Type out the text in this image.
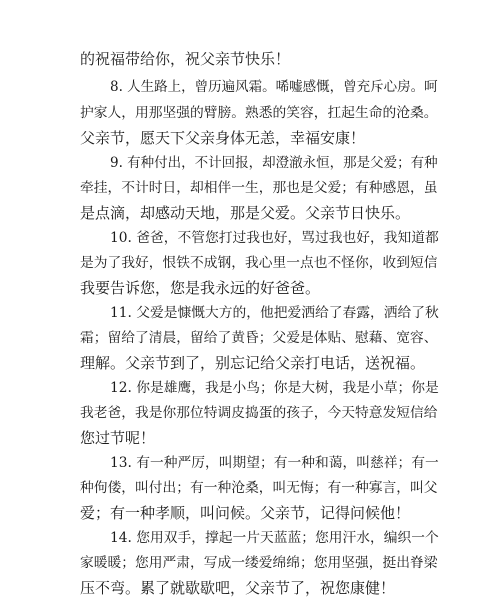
的祝福带给你，祝父亲节快乐！
8. 人生路上，曾历遍风霜。唏嘘感慨，曾充斥心房。呵
护家人，用那坚强的臂膀。熟悉的笑容，扛起生命的沧桑。
父亲节，愿天下父亲身体无恙，幸福安康！
9. 有种付出，不计回报，却澄澈永恒，那是父爱；有种
牵挂，不计时日，却相伴一生，那也是父爱；有种感恩，虽
是点滴，却感动天地，那是父爱。父亲节日快乐。
10. 爸爸，不管您打过我也好，骂过我也好，我知道都
是为了我好，恨铁不成钢，我心里一点也不怪你，收到短信
我要告诉您，您是我永远的好爸爸。
11. 父爱是慷慨大方的，他把爱洒给了春露，洒给了秋
霜；留给了清晨，留给了黄昏；父爱是体贴、慰藉、宽容、
理解。父亲节到了，别忘记给父亲打电话，送祝福。
12. 你是雄鹰，我是小鸟；你是大树，我是小草；你是
我老爸，我是你那位特调皮捣蛋的孩子，今天特意发短信给
您过节呢！
13. 有一种严厉，叫期望；有一种和蔼，叫慈祥；有一
种佝偻，叫付出；有一种沧桑，叫无悔；有一种寡言，叫父
爱；有一种孝顺，叫问候。父亲节，记得问候他！
14. 您用双手，撑起一片天蓝蓝；您用汗水，编织一个
家暖暖；您用严肃，写成一缕爱绵绵；您用坚强，挺出脊梁
压不弯。累了就歇歇吧，父亲节了，祝您康健！
